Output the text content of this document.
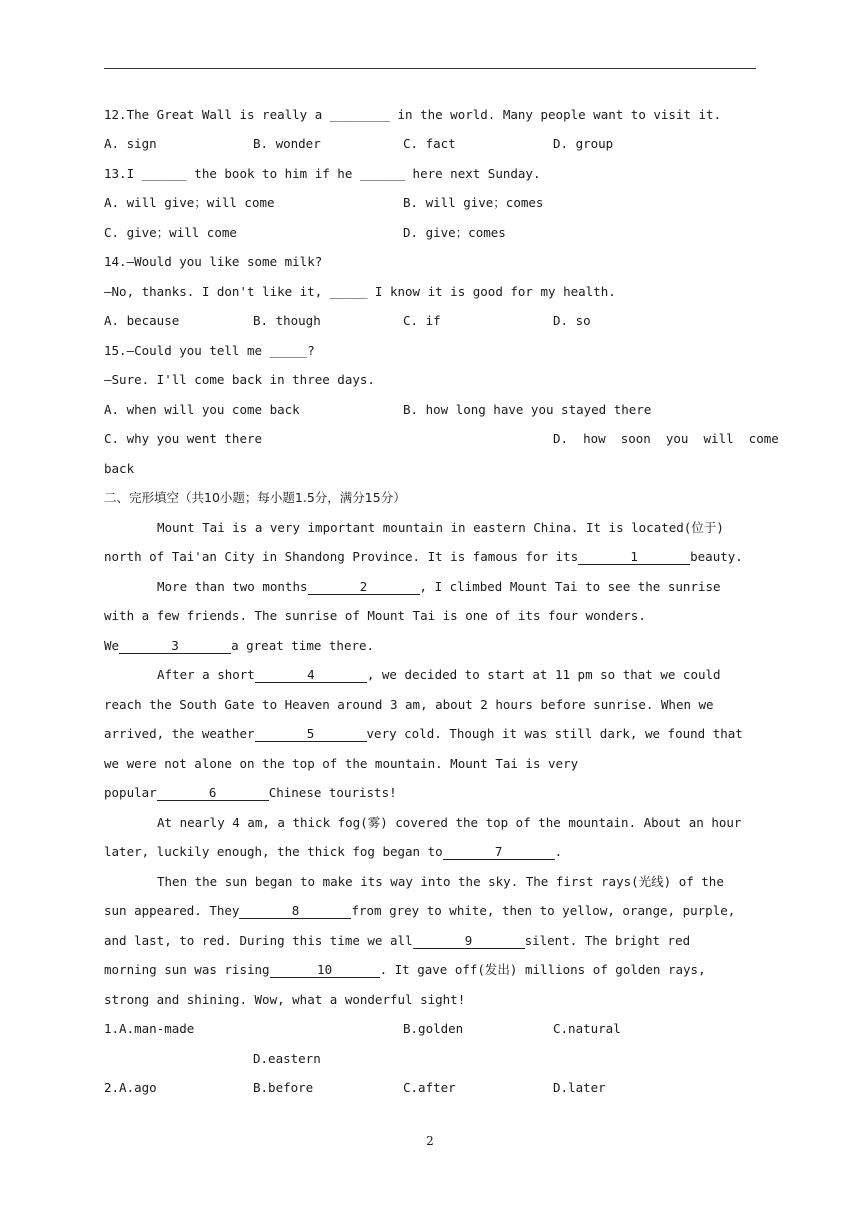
12.The Great Wall is really a ________ in the world. Many people want to visit it.
A. sign	B. wonder	C. fact	D. group
13.I ______ the book to him if he ______ here next Sunday.
A. will give；will come	B. will give；comes
C. give；will come	D. give；comes
14.—Would you like some milk?
—No, thanks. I don't like it, _____ I know it is good for my health.
A. because	B. though	C. if	D. so
15.—Could you tell me _____?
—Sure. I'll come back in three days.
A. when will you come back	B. how long have you stayed there
C. why you went there	D.  how  soon  you  will  come
back
二、完形填空（共10小题；每小题1.5分，满分15分）
Mount Tai is a very important mountain in eastern China. It is located(位于)
north of Tai'an City in Shandong Province. It is famous for its	1	beauty.
More than two months	2	, I climbed Mount Tai to see the sunrise
with a few friends. The sunrise of Mount Tai is one of its four wonders.
We	3	a great time there.
After a short	4	, we decided to start at 11 pm so that we could
reach the South Gate to Heaven around 3 am, about 2 hours before sunrise. When we
arrived, the weather	5	very cold. Though it was still dark, we found that
we were not alone on the top of the mountain. Mount Tai is very
popular	6	Chinese tourists!
At nearly 4 am, a thick fog(雾) covered the top of the mountain. About an hour
later, luckily enough, the thick fog began to	7	.
Then the sun began to make its way into the sky. The first rays(光线) of the
sun appeared. They	8	from grey to white, then to yellow, orange, purple,
and last, to red. During this time we all	9	silent. The bright red
morning sun was rising	10	. It gave off(发出) millions of golden rays,
strong and shining. Wow, what a wonderful sight!
1.A.man-made	B.golden	C.natural
D.eastern
2.A.ago	B.before	C.after	D.later
2
